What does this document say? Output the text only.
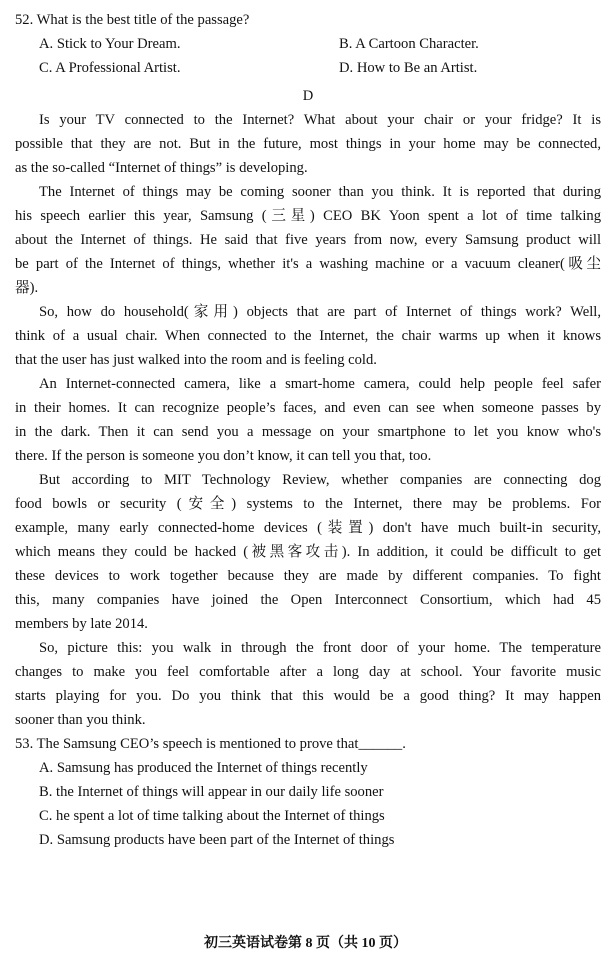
52. What is the best title of the passage?
A. Stick to Your Dream.	B. A Cartoon Character.
C. A Professional Artist.	D. How to Be an Artist.
D
Is your TV connected to the Internet? What about your chair or your fridge? It is
possible that they are not. But in the future, most things in your home may be connected,
as the so-called “Internet of things” is developing.
The Internet of things may be coming sooner than you think. It is reported that during
his speech earlier this year, Samsung (三星) CEO BK Yoon spent a lot of time talking
about the Internet of things. He said that five years from now, every Samsung product will
be part of the Internet of things, whether it's a washing machine or a vacuum cleaner(吸尘
器).
So, how do household(家用) objects that are part of Internet of things work? Well,
think of a usual chair. When connected to the Internet, the chair warms up when it knows
that the user has just walked into the room and is feeling cold.
An Internet-connected camera, like a smart-home camera, could help people feel safer
in their homes. It can recognize people’s faces, and even can see when someone passes by
in the dark. Then it can send you a message on your smartphone to let you know who's
there. If the person is someone you don’t know, it can tell you that, too.
But according to MIT Technology Review, whether companies are connecting dog
food bowls or security (安全) systems to the Internet, there may be problems. For
example, many early connected-home devices (装置) don't have much built-in security,
which means they could be hacked (被黑客攻击). In addition, it could be difficult to get
these devices to work together because they are made by different companies. To fight
this, many companies have joined the Open Interconnect Consortium, which had 45
members by late 2014.
So, picture this: you walk in through the front door of your home. The temperature
changes to make you feel comfortable after a long day at school. Your favorite music
starts playing for you. Do you think that this would be a good thing? It may happen
sooner than you think.
53. The Samsung CEO’s speech is mentioned to prove that______.
A. Samsung has produced the Internet of things recently
B. the Internet of things will appear in our daily life sooner
C. he spent a lot of time talking about the Internet of things
D. Samsung products have been part of the Internet of things
初三英语试卷第 8 页（共 10 页）
